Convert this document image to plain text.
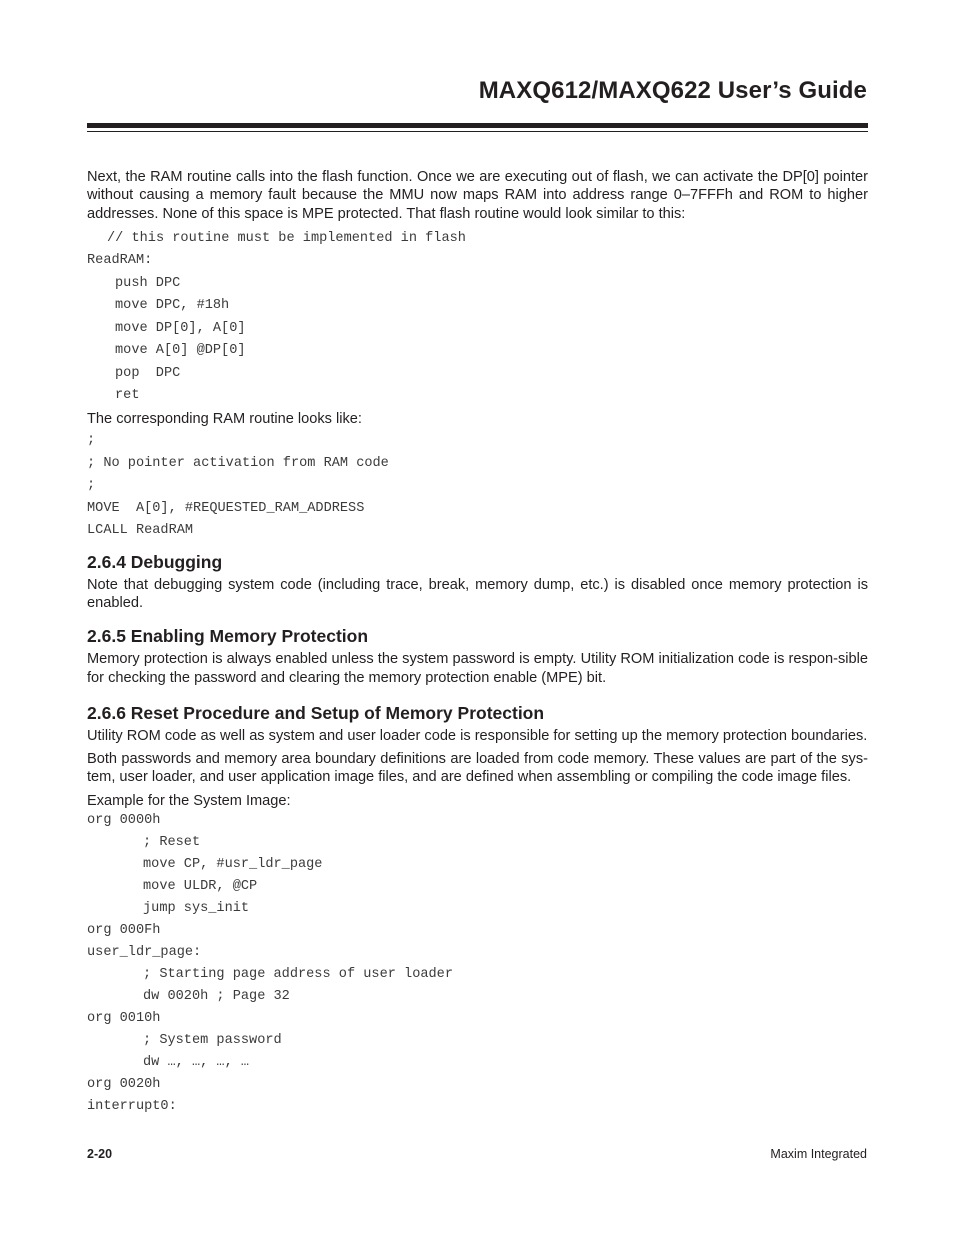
MAXQ612/MAXQ622 User’s Guide

Next, the RAM routine calls into the flash function. Once we are executing out of flash, we can activate the DP[0] pointer without causing a memory fault because the MMU now maps RAM into address range 0–7FFFh and ROM to higher addresses. None of this space is MPE protected. That flash routine would look similar to this:

// this routine must be implemented in flash
ReadRAM:
push DPC
move DPC, #18h
move DP[0], A[0]
move A[0] @DP[0]
pop  DPC
ret

The corresponding RAM routine looks like:

;
; No pointer activation from RAM code
;
MOVE  A[0], #REQUESTED_RAM_ADDRESS
LCALL ReadRAM
2.6.4 Debugging

Note that debugging system code (including trace, break, memory dump, etc.) is disabled once memory protection is enabled.

2.6.5 Enabling Memory Protection

Memory protection is always enabled unless the system password is empty. Utility ROM initialization code is respon-sible for checking the password and clearing the memory protection enable (MPE) bit.

2.6.6 Reset Procedure and Setup of Memory Protection

Utility ROM code as well as system and user loader code is responsible for setting up the memory protection boundaries.

Both passwords and memory area boundary definitions are loaded from code memory. These values are part of the sys-tem, user loader, and user application image files, and are defined when assembling or compiling the code image files.

Example for the System Image:

org 0000h
; Reset
move CP, #usr_ldr_page
move ULDR, @CP
jump sys_init
org 000Fh
user_ldr_page:
; Starting page address of user loader
dw 0020h ; Page 32
org 0010h
; System password
dw …, …, …, …
org 0020h
interrupt0:
2-20	Maxim Integrated
